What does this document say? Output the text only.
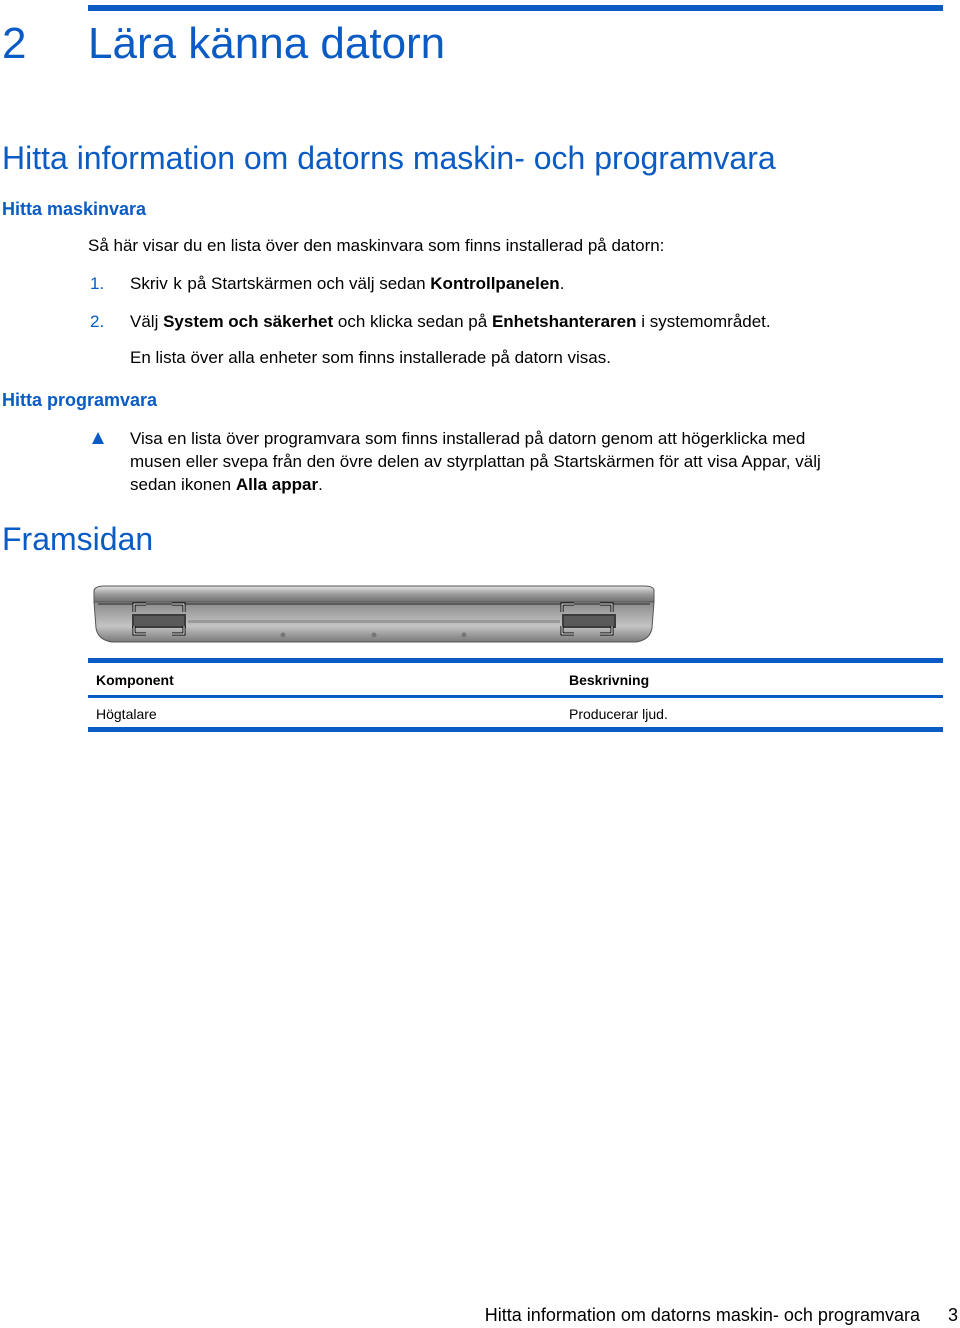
2 Lära känna datorn
Hitta information om datorns maskin- och programvara
Hitta maskinvara
Så här visar du en lista över den maskinvara som finns installerad på datorn:
1. Skriv k på Startskärmen och välj sedan Kontrollpanelen.
2. Välj System och säkerhet och klicka sedan på Enhetshanteraren i systemområdet.
En lista över alla enheter som finns installerade på datorn visas.
Hitta programvara
Visa en lista över programvara som finns installerad på datorn genom att högerklicka med
musen eller svepa från den övre delen av styrplattan på Startskärmen för att visa Appar, välj
sedan ikonen Alla appar.
Framsidan
Komponent	Beskrivning
Högtalare	Producerar ljud.
Hitta information om datorns maskin- och programvara 3
